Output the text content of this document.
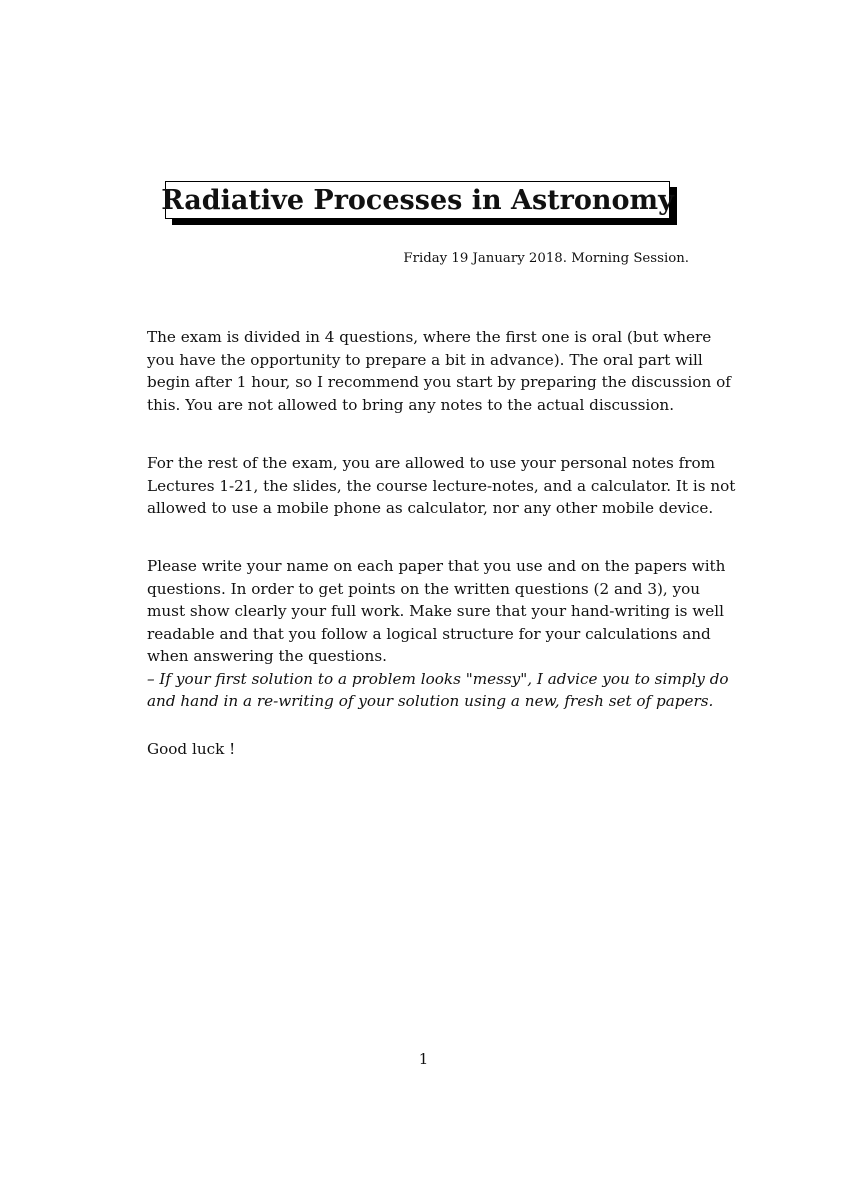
Radiative Processes in Astronomy
Friday 19 January 2018. Morning Session.
The exam is divided in 4 questions, where the first one is oral (but where
you have the opportunity to prepare a bit in advance). The oral part will
begin after 1 hour, so I recommend you start by preparing the discussion of
this. You are not allowed to bring any notes to the actual discussion.
For the rest of the exam, you are allowed to use your personal notes from
Lectures 1-21, the slides, the course lecture-notes, and a calculator. It is not
allowed to use a mobile phone as calculator, nor any other mobile device.
Please write your name on each paper that you use and on the papers with
questions. In order to get points on the written questions (2 and 3), you
must show clearly your full work. Make sure that your hand-writing is well
readable and that you follow a logical structure for your calculations and
when answering the questions.
– If your first solution to a problem looks "messy", I advice you to simply do
and hand in a re-writing of your solution using a new, fresh set of papers.
Good luck !
1
